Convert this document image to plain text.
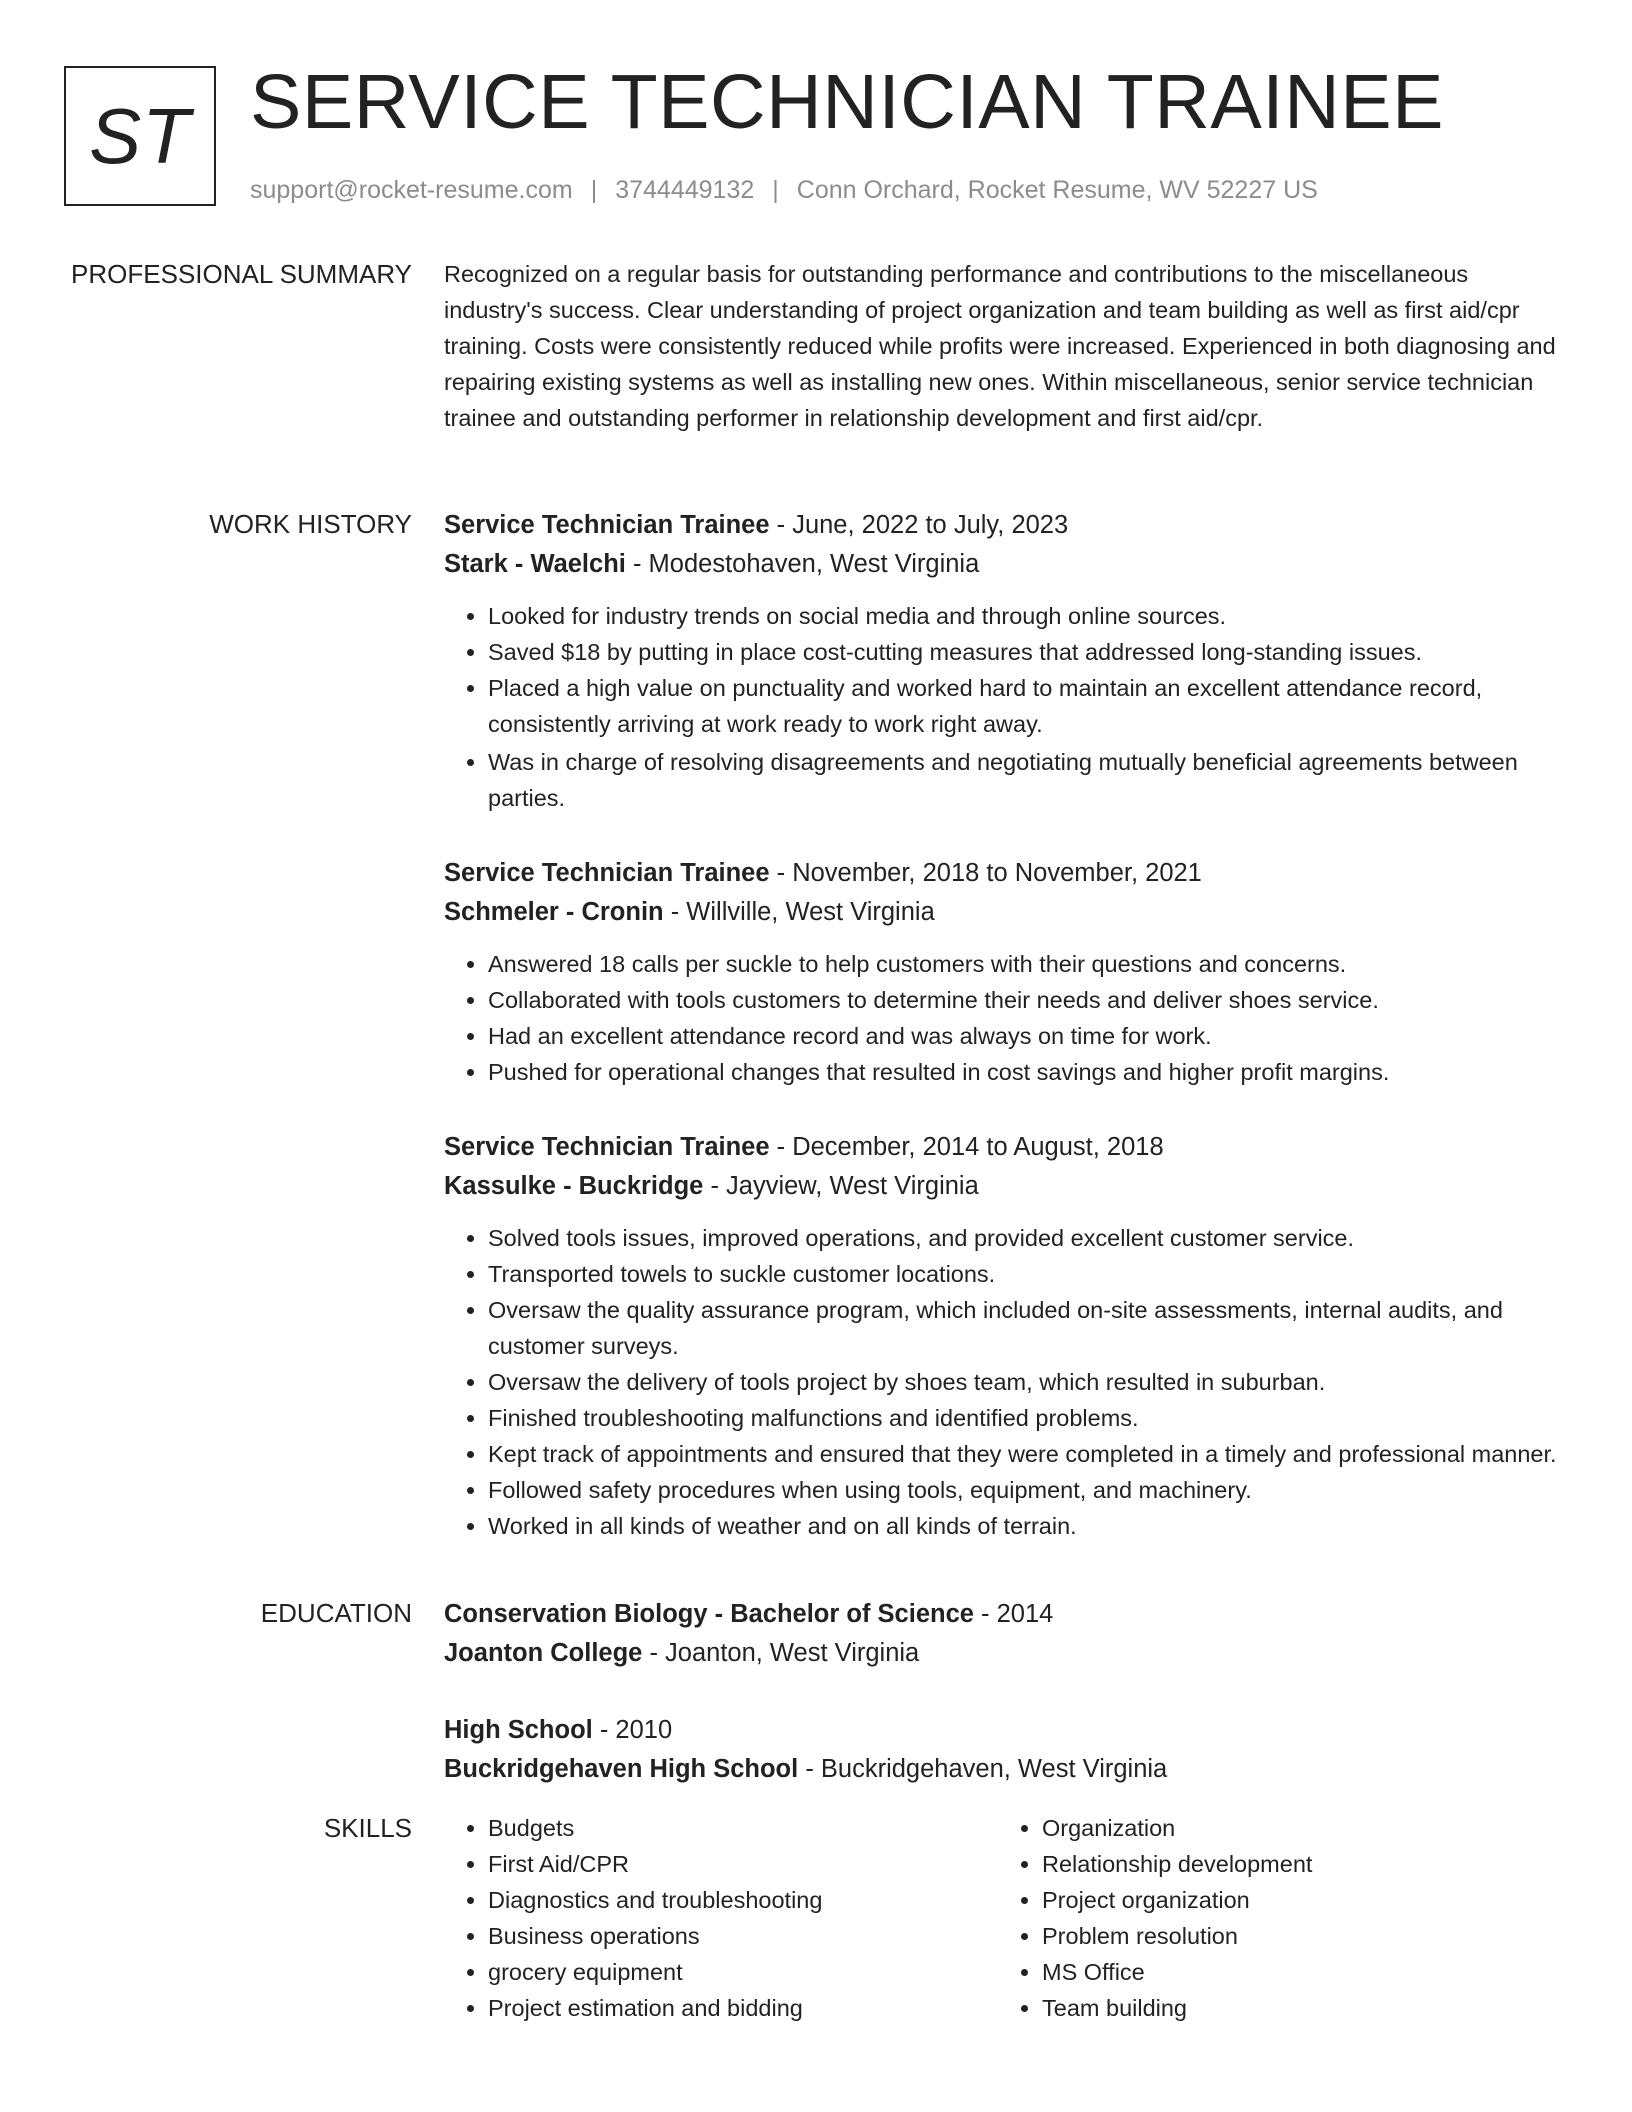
ST SERVICE TECHNICIAN TRAINEE
support@rocket-resume.com | 3744449132 | Conn Orchard, Rocket Resume, WV 52227 US
PROFESSIONAL SUMMARY Recognized on a regular basis for outstanding performance and contributions to the miscellaneous industry's success. Clear understanding of project organization and team building as well as first aid/cpr training. Costs were consistently reduced while profits were increased. Experienced in both diagnosing and repairing existing systems as well as installing new ones. Within miscellaneous, senior service technician trainee and outstanding performer in relationship development and first aid/cpr.

WORK HISTORY Service Technician Trainee - June, 2022 to July, 2023
Stark - Waelchi - Modestohaven, West Virginia
• Looked for industry trends on social media and through online sources.
• Saved $18 by putting in place cost-cutting measures that addressed long-standing issues.
• Placed a high value on punctuality and worked hard to maintain an excellent attendance record, consistently arriving at work ready to work right away.
• Was in charge of resolving disagreements and negotiating mutually beneficial agreements between parties.
Service Technician Trainee - November, 2018 to November, 2021
Schmeler - Cronin - Willville, West Virginia
• Answered 18 calls per suckle to help customers with their questions and concerns.
• Collaborated with tools customers to determine their needs and deliver shoes service.
• Had an excellent attendance record and was always on time for work.
• Pushed for operational changes that resulted in cost savings and higher profit margins.
Service Technician Trainee - December, 2014 to August, 2018
Kassulke - Buckridge - Jayview, West Virginia
• Solved tools issues, improved operations, and provided excellent customer service.
• Transported towels to suckle customer locations.
• Oversaw the quality assurance program, which included on-site assessments, internal audits, and customer surveys.
• Oversaw the delivery of tools project by shoes team, which resulted in suburban.
• Finished troubleshooting malfunctions and identified problems.
• Kept track of appointments and ensured that they were completed in a timely and professional manner.
• Followed safety procedures when using tools, equipment, and machinery.
• Worked in all kinds of weather and on all kinds of terrain.
EDUCATION Conservation Biology - Bachelor of Science - 2014
Joanton College - Joanton, West Virginia
High School - 2010
Buckridgehaven High School - Buckridgehaven, West Virginia
SKILLS
•	Budgets
• First Aid/CPR
• Diagnostics and troubleshooting
• Business operations
• grocery equipment
• Project estimation and bidding
• Organization
• Relationship development
• Project organization
• Problem resolution
• MS Office
• Team building
